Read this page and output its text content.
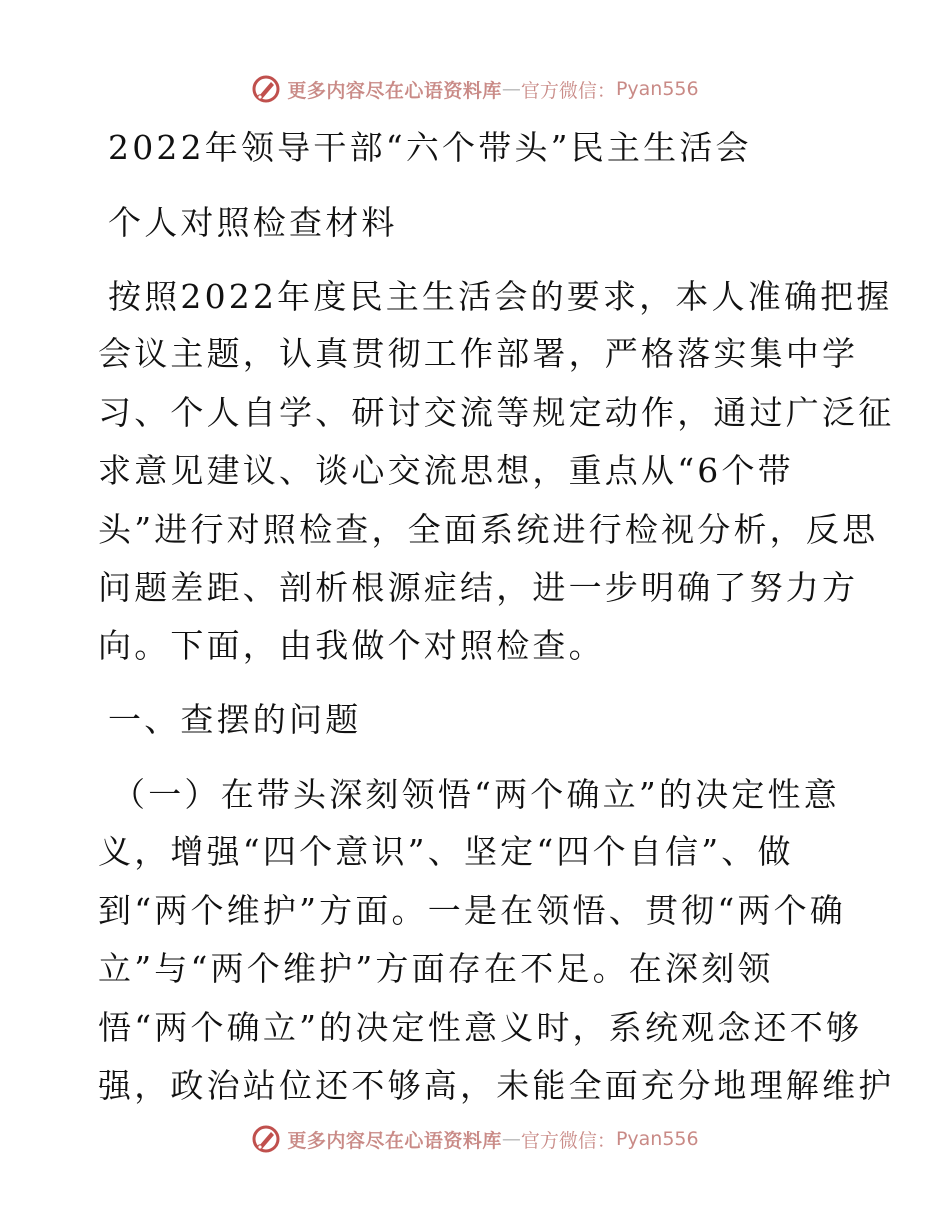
更多内容尽在心语资料库 — 官方微信： Pyan556
2022年领导干部“六个带头”民主生活会
个人对照检查材料
按照2022年度民主生活会的要求，本人准确把握
会议主题，认真贯彻工作部署，严格落实集中学
习、个人自学、研讨交流等规定动作，通过广泛征
求意见建议、谈心交流思想，重点从“6个带
头”进行对照检查，全面系统进行检视分析，反思
问题差距、剖析根源症结，进一步明确了努力方
向。下面，由我做个对照检查。
一、查摆的问题
（一）在带头深刻领悟“两个确立”的决定性意
义，增强“四个意识”、坚定“四个自信”、做
到“两个维护”方面。一是在领悟、贯彻“两个确
立”与“两个维护”方面存在不足。在深刻领
悟“两个确立”的决定性意义时，系统观念还不够
强，政治站位还不够高，未能全面充分地理解维护
更多内容尽在心语资料库 — 官方微信： Pyan556
